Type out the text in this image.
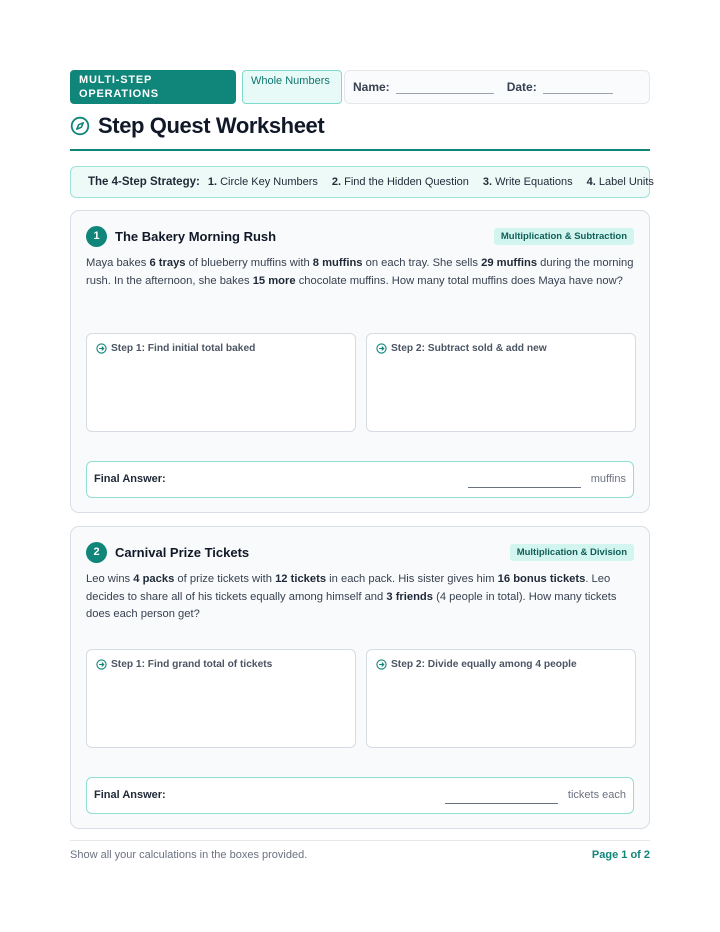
MULTI-STEP OPERATIONS
Whole Numbers	Name:	Date:
Step Quest Worksheet
The 4-Step Strategy: 1. Circle Key Numbers 2. Find the Hidden Question 3. Write Equations 4. Label Units
1	The Bakery Morning Rush	Multiplication & Subtraction
Maya bakes 6 trays of blueberry muffins with 8 muffins on each tray. She sells 29 muffins during the morning rush. In the afternoon, she bakes 15 more chocolate muffins. How many total muffins does Maya have now?
Step 1: Find initial total baked	Step 2: Subtract sold & add new
Final Answer:	muffins
2	Carnival Prize Tickets	Multiplication & Division
Leo wins 4 packs of prize tickets with 12 tickets in each pack. His sister gives him 16 bonus tickets. Leo decides to share all of his tickets equally among himself and 3 friends (4 people in total). How many tickets does each person get?
Step 1: Find grand total of tickets	Step 2: Divide equally among 4 people
Final Answer:	tickets each
Show all your calculations in the boxes provided.	Page 1 of 2
